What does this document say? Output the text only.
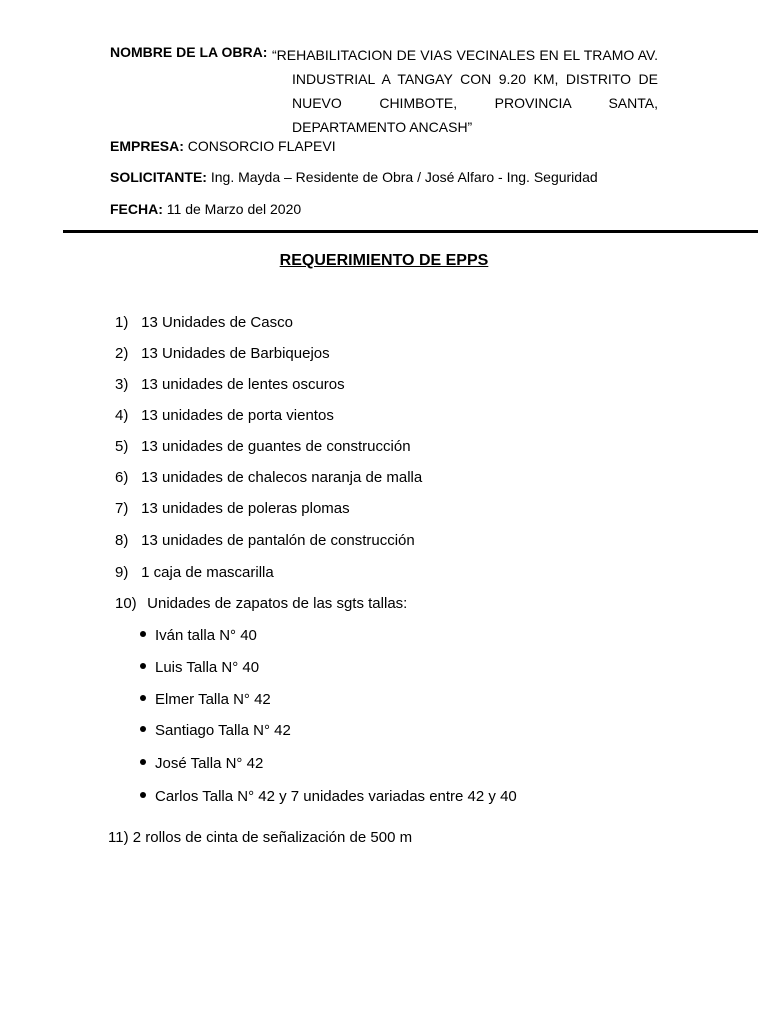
NOMBRE DE LA OBRA: “REHABILITACION DE VIAS VECINALES EN EL TRAMO AV.
INDUSTRIAL A TANGAY CON 9.20 KM, DISTRITO DE
NUEVO CHIMBOTE, PROVINCIA SANTA,
DEPARTAMENTO ANCASH”
EMPRESA: CONSORCIO FLAPEVI
SOLICITANTE: Ing. Mayda – Residente de Obra / José Alfaro - Ing. Seguridad
FECHA: 11 de Marzo del 2020
REQUERIMIENTO DE EPPS
1) 13 Unidades de Casco
2) 13 Unidades de Barbiquejos
3) 13 unidades de lentes oscuros
4) 13 unidades de porta vientos
5) 13 unidades de guantes de construcción
6) 13 unidades de chalecos naranja de malla
7) 13 unidades de poleras plomas
8) 13 unidades de pantalón de construcción
9) 1 caja de mascarilla
10) Unidades de zapatos de las sgts tallas:
Iván talla N° 40
Luis Talla N° 40
Elmer Talla N° 42
Santiago Talla N° 42
José Talla N° 42
Carlos Talla N° 42 y 7 unidades variadas entre 42 y 40
11) 2 rollos de cinta de señalización de 500 m
